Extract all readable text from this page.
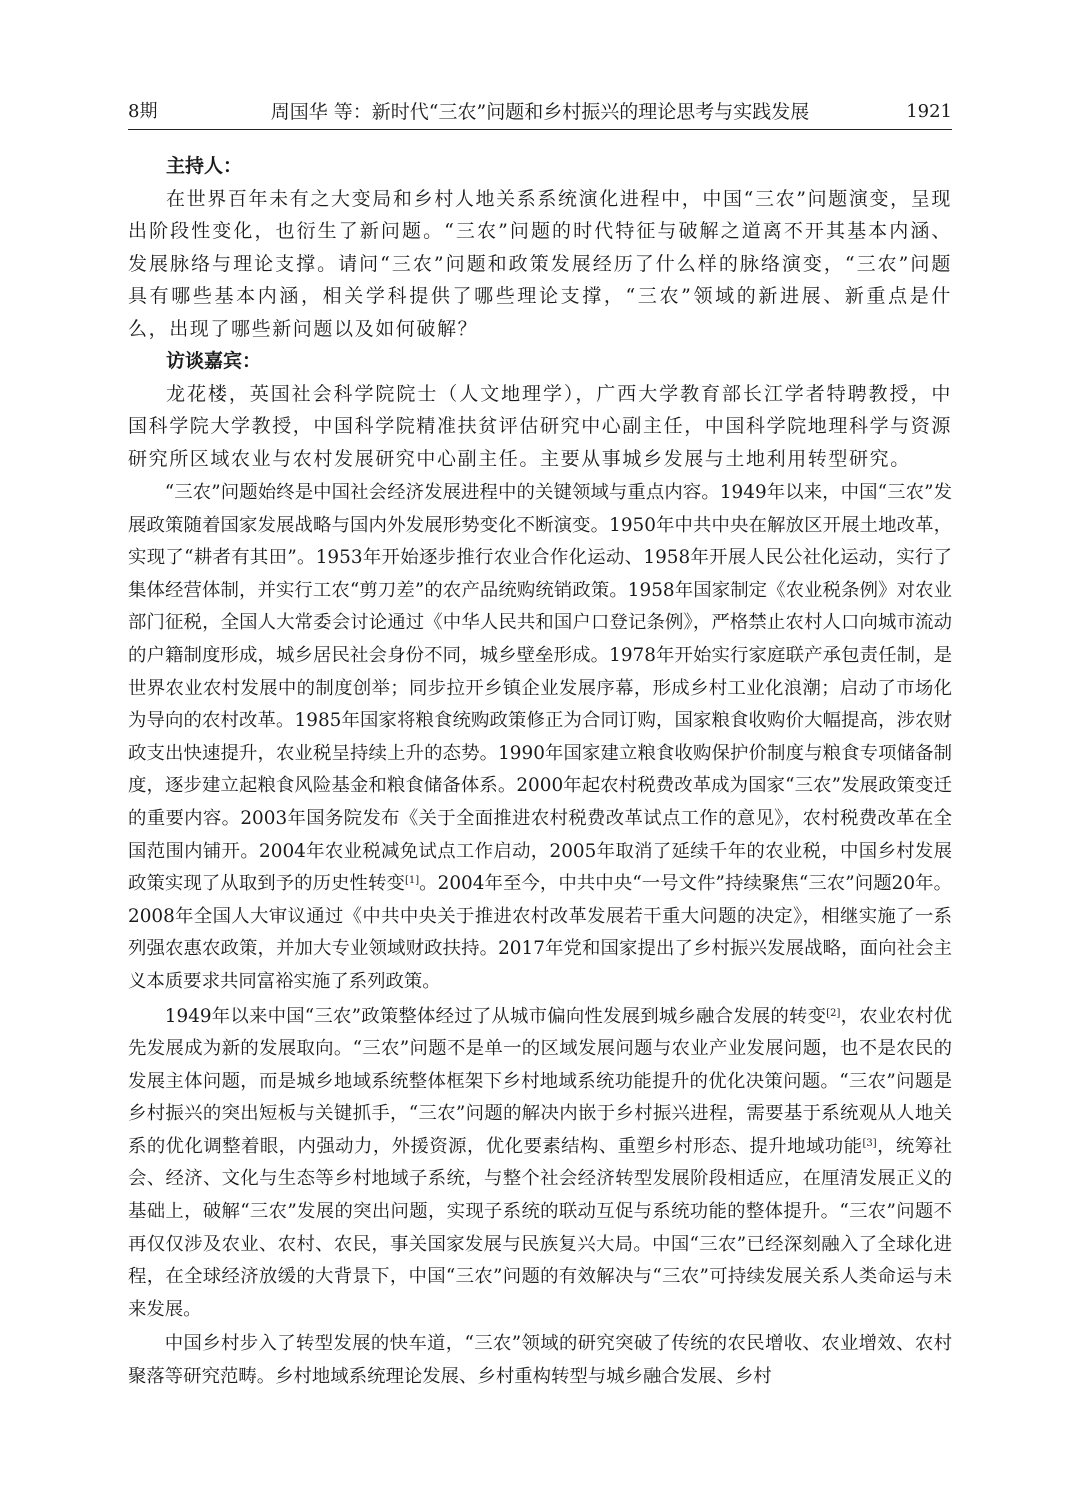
8期	周国华 等：新时代“三农”问题和乡村振兴的理论思考与实践发展	1921

主持人：

在世界百年未有之大变局和乡村人地关系系统演化进程中，中国“三农”问题演变，呈现出阶段性变化，也衍生了新问题。“三农”问题的时代特征与破解之道离不开其基本内涵、发展脉络与理论支撑。请问“三农”问题和政策发展经历了什么样的脉络演变，“三农”问题具有哪些基本内涵，相关学科提供了哪些理论支撑，“三农”领域的新进展、新重点是什么，出现了哪些新问题以及如何破解？

访谈嘉宾：

龙花楼，英国社会科学院院士（人文地理学），广西大学教育部长江学者特聘教授，中国科学院大学教授，中国科学院精准扶贫评估研究中心副主任，中国科学院地理科学与资源研究所区域农业与农村发展研究中心副主任。主要从事城乡发展与土地利用转型研究。

“三农”问题始终是中国社会经济发展进程中的关键领域与重点内容。1949年以来，中国“三农”发展政策随着国家发展战略与国内外发展形势变化不断演变。1950年中共中央在解放区开展土地改革，实现了“耕者有其田”。1953年开始逐步推行农业合作化运动、1958年开展人民公社化运动，实行了集体经营体制，并实行工农“剪刀差”的农产品统购统销政策。1958年国家制定《农业税条例》对农业部门征税，全国人大常委会讨论通过《中华人民共和国户口登记条例》，严格禁止农村人口向城市流动的户籍制度形成，城乡居民社会身份不同，城乡壁垒形成。1978年开始实行家庭联产承包责任制，是世界农业农村发展中的制度创举；同步拉开乡镇企业发展序幕，形成乡村工业化浪潮；启动了市场化为导向的农村改革。1985年国家将粮食统购政策修正为合同订购，国家粮食收购价大幅提高，涉农财政支出快速提升，农业税呈持续上升的态势。1990年国家建立粮食收购保护价制度与粮食专项储备制度，逐步建立起粮食风险基金和粮食储备体系。2000年起农村税费改革成为国家“三农”发展政策变迁的重要内容。2003年国务院发布《关于全面推进农村税费改革试点工作的意见》，农村税费改革在全国范围内铺开。2004年农业税减免试点工作启动，2005年取消了延续千年的农业税，中国乡村发展政策实现了从取到予的历史性转变[1]。2004年至今，中共中央“一号文件”持续聚焦“三农”问题20年。2008年全国人大审议通过《中共中央关于推进农村改革发展若干重大问题的决定》，相继实施了一系列强农惠农政策，并加大专业领域财政扶持。2017年党和国家提出了乡村振兴发展战略，面向社会主义本质要求共同富裕实施了系列政策。

1949年以来中国“三农”政策整体经过了从城市偏向性发展到城乡融合发展的转变[2]，农业农村优先发展成为新的发展取向。“三农”问题不是单一的区域发展问题与农业产业发展问题，也不是农民的发展主体问题，而是城乡地域系统整体框架下乡村地域系统功能提升的优化决策问题。“三农”问题是乡村振兴的突出短板与关键抓手，“三农”问题的解决内嵌于乡村振兴进程，需要基于系统观从人地关系的优化调整着眼，内强动力，外援资源，优化要素结构、重塑乡村形态、提升地域功能[3]，统筹社会、经济、文化与生态等乡村地域子系统，与整个社会经济转型发展阶段相适应，在厘清发展正义的基础上，破解“三农”发展的突出问题，实现子系统的联动互促与系统功能的整体提升。“三农”问题不再仅仅涉及农业、农村、农民，事关国家发展与民族复兴大局。中国“三农”已经深刻融入了全球化进程，在全球经济放缓的大背景下，中国“三农”问题的有效解决与“三农”可持续发展关系人类命运与未来发展。

中国乡村步入了转型发展的快车道，“三农”领域的研究突破了传统的农民增收、农业增效、农村聚落等研究范畴。乡村地域系统理论发展、乡村重构转型与城乡融合发展、乡村
